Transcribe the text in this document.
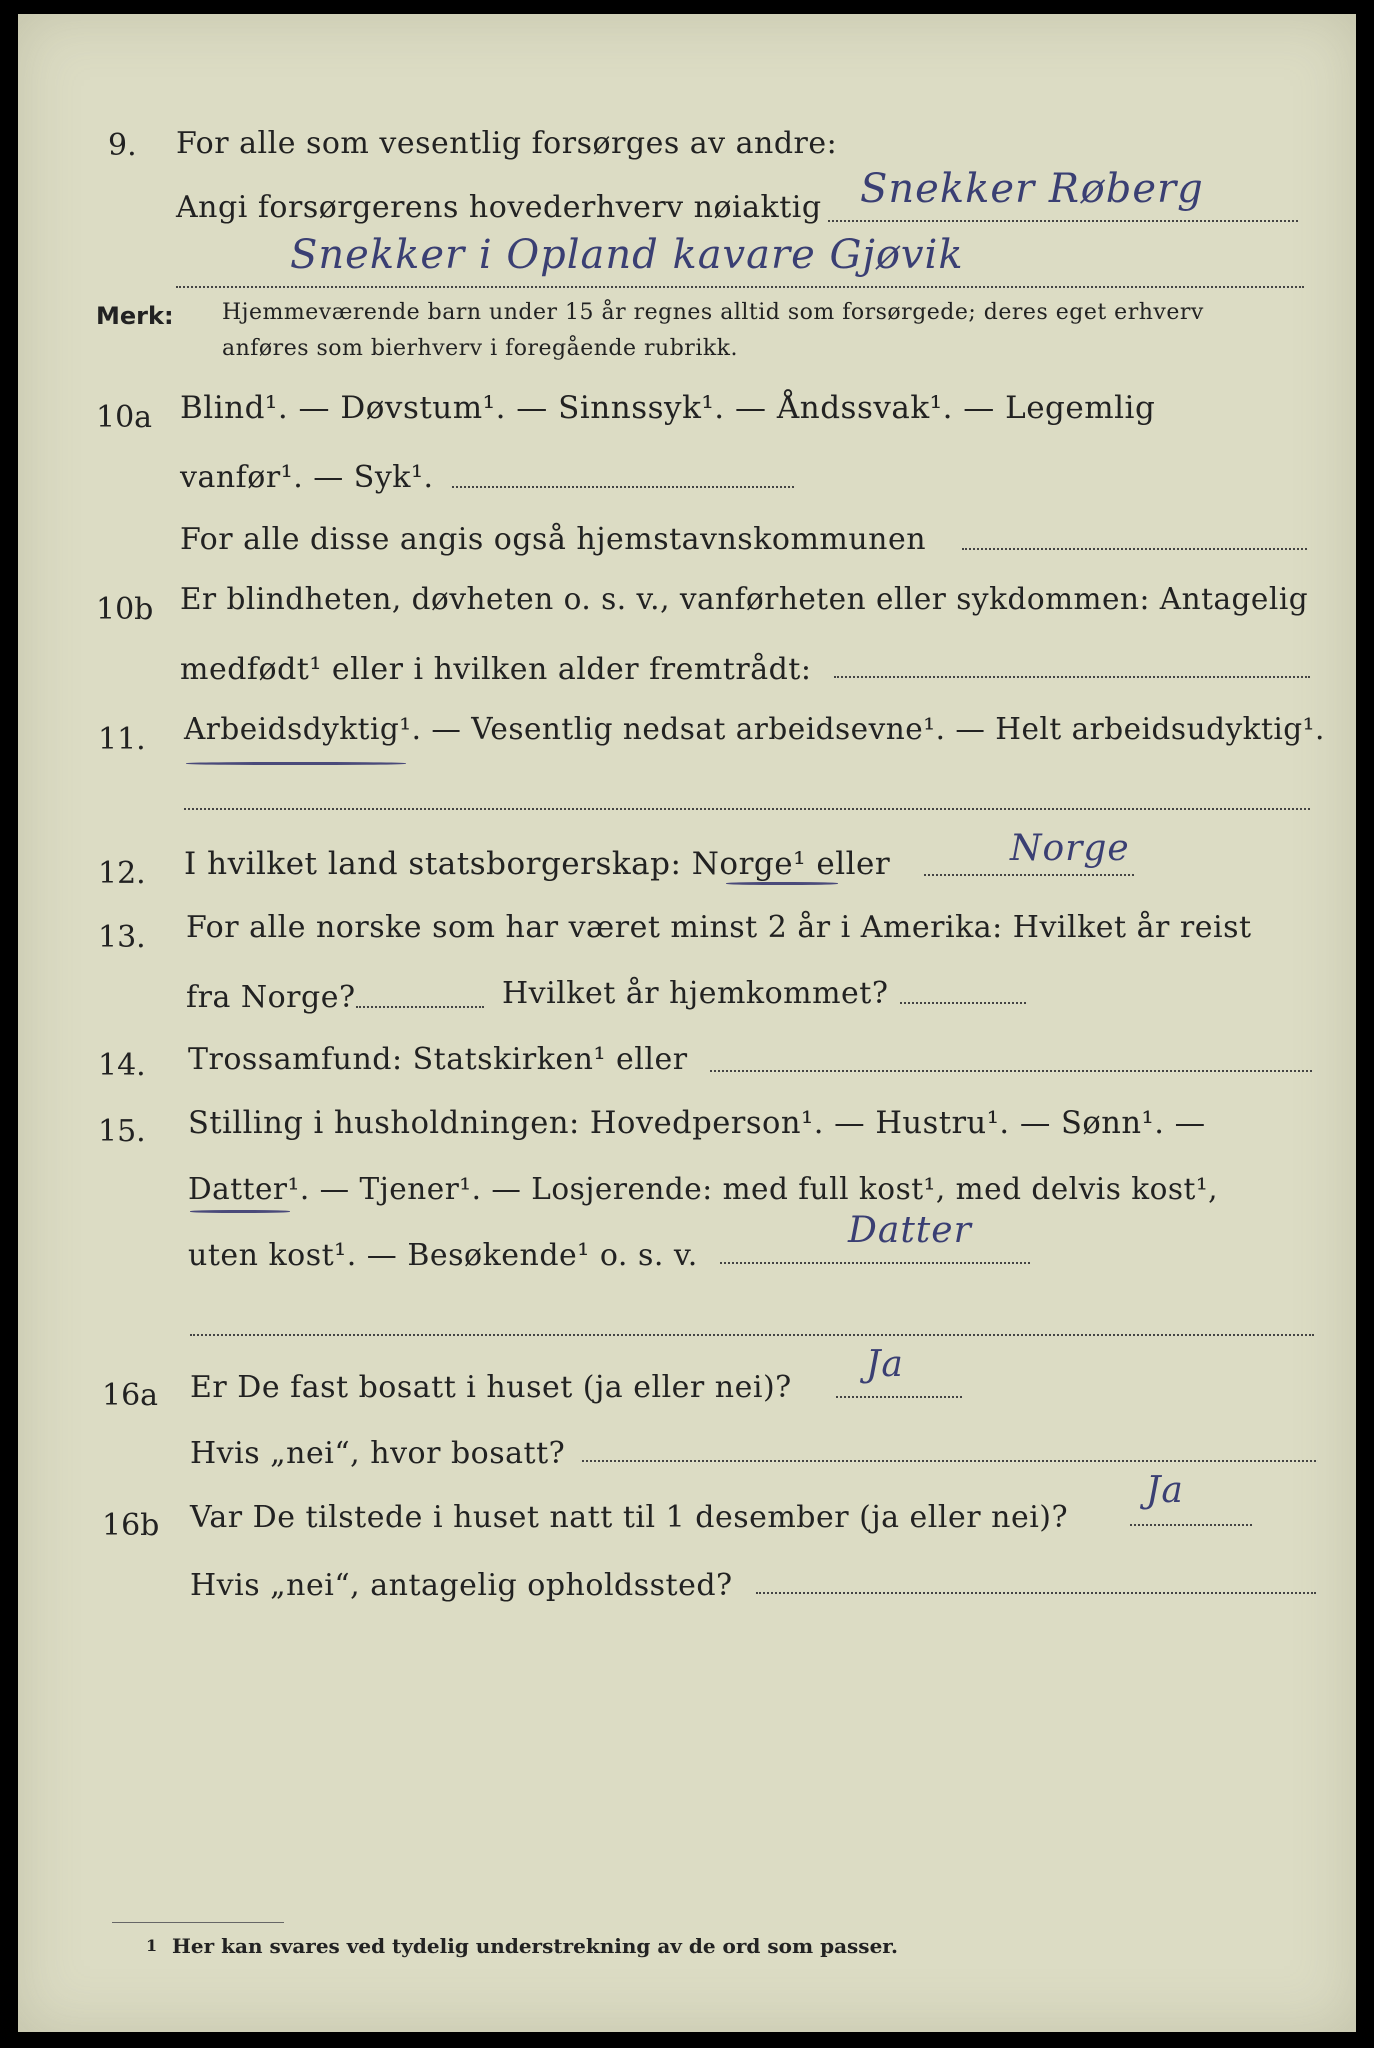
9. For alle som vesentlig forsørges av andre:
Angi forsørgerens hovederhverv nøiaktig Snekker Røberg
Snekker i Opland kavare Gjøvik
Merk: Hjemmeværende barn under 15 år regnes alltid som forsørgede; deres eget erhverv
anføres som bierhverv i foregående rubrikk.
10a Blind¹. — Døvstum¹. — Sinnssyk¹. — Åndssvak¹. — Legemlig
vanfør¹. — Syk¹.
For alle disse angis også hjemstavnskommunen
10b Er blindheten, døvheten o. s. v., vanførheten eller sykdommen: Antagelig
medfødt¹ eller i hvilken alder fremtrådt:
11. Arbeidsdyktig¹. — Vesentlig nedsat arbeidsevne¹. — Helt arbeidsudyktig¹.
12. I hvilket land statsborgerskap: Norge¹ eller	Norge
13. For alle norske som har været minst 2 år i Amerika: Hvilket år reist
fra Norge?	Hvilket år hjemkommet?
14. Trossamfund: Statskirken¹ eller
15. Stilling i husholdningen: Hovedperson¹. — Hustru¹. — Sønn¹. —
Datter¹. — Tjener¹. — Losjerende: med full kost¹, med delvis kost¹,
uten kost¹. — Besøkende¹ o. s. v.
Datter
16a Er De fast bosatt i huset (ja eller nei)?
Ja
Hvis „nei“, hvor bosatt?
16b Var De tilstede i huset natt til 1 desember (ja eller nei)?
Ja
Hvis „nei“, antagelig opholdssted?
1 Her kan svares ved tydelig understrekning av de ord som passer.
